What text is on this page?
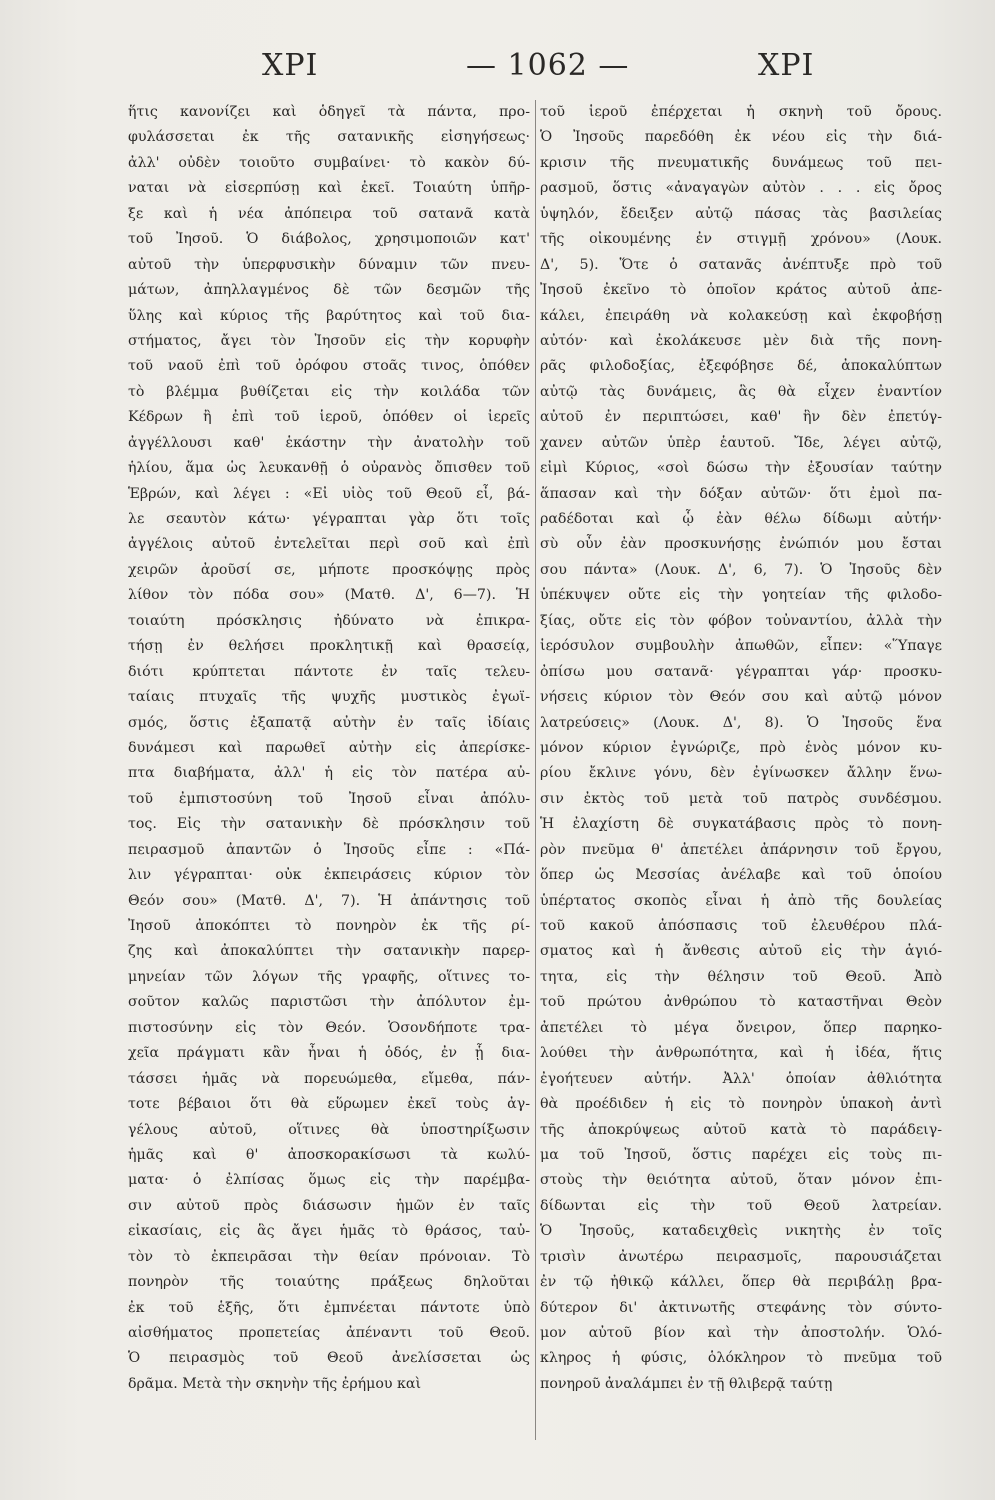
ΧΡΙ	— 1062 —	ΧΡΙ
ἥτις κανονίζει καὶ ὁδηγεῖ τὰ πάντα, προ-
φυλάσσεται ἐκ τῆς σατανικῆς εἰσηγήσεως·
ἀλλ' οὐδὲν τοιοῦτο συμβαίνει· τὸ κακὸν δύ-
ναται νὰ εἰσερπύσῃ καὶ ἐκεῖ. Τοιαύτη ὑπῆρ-
ξε καὶ ἡ νέα ἀπόπειρα τοῦ σατανᾶ κατὰ
τοῦ Ἰησοῦ. Ὁ διάβολος, χρησιμοποιῶν κατ'
αὐτοῦ τὴν ὑπερφυσικὴν δύναμιν τῶν πνευ-
μάτων, ἀπηλλαγμένος δὲ τῶν δεσμῶν τῆς
ὕλης καὶ κύριος τῆς βαρύτητος καὶ τοῦ δια-
στήματος, ἄγει τὸν Ἰησοῦν εἰς τὴν κορυφὴν
τοῦ ναοῦ ἐπὶ τοῦ ὀρόφου στοᾶς τινος, ὁπόθεν
τὸ βλέμμα βυθίζεται εἰς τὴν κοιλάδα τῶν
Κέδρων ἢ ἐπὶ τοῦ ἱεροῦ, ὁπόθεν οἱ ἱερεῖς
ἀγγέλλουσι καθ' ἑκάστην τὴν ἀνατολὴν τοῦ
ἡλίου, ἅμα ὡς λευκανθῇ ὁ οὐρανὸς ὄπισθεν τοῦ
Ἑβρών, καὶ λέγει : «Εἰ υἱὸς τοῦ Θεοῦ εἶ, βά-
λε σεαυτὸν κάτω· γέγραπται γὰρ ὅτι τοῖς
ἀγγέλοις αὐτοῦ ἐντελεῖται περὶ σοῦ καὶ ἐπὶ
χειρῶν ἀροῦσί σε, μήποτε προσκόψῃς πρὸς
λίθον τὸν πόδα σου» (Ματθ. Δ', 6—7). Ἡ
τοιαύτη πρόσκλησις ἠδύνατο νὰ ἐπικρα-
τήσῃ ἐν θελήσει προκλητικῇ καὶ θρασείᾳ,
διότι κρύπτεται πάντοτε ἐν ταῖς τελευ-
ταίαις πτυχαῖς τῆς ψυχῆς μυστικὸς ἐγωϊ-
σμός, ὅστις ἐξαπατᾷ αὐτὴν ἐν ταῖς ἰδίαις
δυνάμεσι καὶ παρωθεῖ αὐτὴν εἰς ἀπερίσκε-
πτα διαβήματα, ἀλλ' ἡ εἰς τὸν πατέρα αὐ-
τοῦ ἐμπιστοσύνη τοῦ Ἰησοῦ εἶναι ἀπόλυ-
τος. Εἰς τὴν σατανικὴν δὲ πρόσκλησιν τοῦ
πειρασμοῦ ἀπαντῶν ὁ Ἰησοῦς εἶπε : «Πά-
λιν γέγραπται· οὐκ ἐκπειράσεις κύριον τὸν
Θεόν σου» (Ματθ. Δ', 7). Ἡ ἀπάντησις τοῦ
Ἰησοῦ ἀποκόπτει τὸ πονηρὸν ἐκ τῆς ρί-
ζης καὶ ἀποκαλύπτει τὴν σατανικὴν παρερ-
μηνείαν τῶν λόγων τῆς γραφῆς, οἵτινες το-
σοῦτον καλῶς παριστῶσι τὴν ἀπόλυτον ἐμ-
πιστοσύνην εἰς τὸν Θεόν. Ὁσονδήποτε τρα-
χεῖα πράγματι κἂν ἦναι ἡ ὁδός, ἐν ᾗ δια-
τάσσει ἡμᾶς νὰ πορευώμεθα, εἴμεθα, πάν-
τοτε βέβαιοι ὅτι θὰ εὕρωμεν ἐκεῖ τοὺς ἀγ-
γέλους αὐτοῦ, οἵτινες θὰ ὑποστηρίξωσιν
ἡμᾶς καὶ θ' ἀποσκορακίσωσι τὰ κωλύ-
ματα· ὁ ἐλπίσας ὅμως εἰς τὴν παρέμβα-
σιν αὐτοῦ πρὸς διάσωσιν ἡμῶν ἐν ταῖς
εἰκασίαις, εἰς ἃς ἄγει ἡμᾶς τὸ θράσος, ταὐ-
τὸν τὸ ἐκπειρᾶσαι τὴν θείαν πρόνοιαν. Τὸ
πονηρὸν τῆς τοιαύτης πράξεως δηλοῦται
ἐκ τοῦ ἑξῆς, ὅτι ἐμπνέεται πάντοτε ὑπὸ
αἰσθήματος προπετείας ἀπέναντι τοῦ Θεοῦ.
Ὁ πειρασμὸς τοῦ Θεοῦ ἀνελίσσεται ὡς
δρᾶμα. Μετὰ τὴν σκηνὴν τῆς ἐρήμου καὶ
τοῦ ἱεροῦ ἐπέρχεται ἡ σκηνὴ τοῦ ὄρους.
Ὁ Ἰησοῦς παρεδόθη ἐκ νέου εἰς τὴν διά-
κρισιν τῆς πνευματικῆς δυνάμεως τοῦ πει-
ρασμοῦ, ὅστις «ἀναγαγὼν αὐτὸν . . . εἰς ὄρος
ὑψηλόν, ἔδειξεν αὐτῷ πάσας τὰς βασιλείας
τῆς οἰκουμένης ἐν στιγμῇ χρόνου» (Λουκ.
Δ', 5). Ὅτε ὁ σατανᾶς ἀνέπτυξε πρὸ τοῦ
Ἰησοῦ ἐκεῖνο τὸ ὁποῖον κράτος αὐτοῦ ἀπε-
κάλει, ἐπειράθη νὰ κολακεύσῃ καὶ ἐκφοβήσῃ
αὐτόν· καὶ ἐκολάκευσε μὲν διὰ τῆς πονη-
ρᾶς φιλοδοξίας, ἐξεφόβησε δέ, ἀποκαλύπτων
αὐτῷ τὰς δυνάμεις, ἃς θὰ εἶχεν ἐναντίον
αὐτοῦ ἐν περιπτώσει, καθ' ἣν δὲν ἐπετύγ-
χανεν αὐτῶν ὑπὲρ ἑαυτοῦ. Ἴδε, λέγει αὐτῷ,
εἰμὶ Κύριος, «σοὶ δώσω τὴν ἐξουσίαν ταύτην
ἅπασαν καὶ τὴν δόξαν αὐτῶν· ὅτι ἐμοὶ πα-
ραδέδοται καὶ ᾧ ἐὰν θέλω δίδωμι αὐτήν·
σὺ οὖν ἐὰν προσκυνήσῃς ἐνώπιόν μου ἔσται
σου πάντα» (Λουκ. Δ', 6, 7). Ὁ Ἰησοῦς δὲν
ὑπέκυψεν οὔτε εἰς τὴν γοητείαν τῆς φιλοδο-
ξίας, οὔτε εἰς τὸν φόβον τοὐναντίου, ἀλλὰ τὴν
ἱερόσυλον συμβουλὴν ἀπωθῶν, εἶπεν: «Ὕπαγε
ὀπίσω μου σατανᾶ· γέγραπται γάρ· προσκυ-
νήσεις κύριον τὸν Θεόν σου καὶ αὐτῷ μόνον
λατρεύσεις» (Λουκ. Δ', 8). Ὁ Ἰησοῦς ἕνα
μόνον κύριον ἐγνώριζε, πρὸ ἑνὸς μόνον κυ-
ρίου ἔκλινε γόνυ, δὲν ἐγίνωσκεν ἄλλην ἕνω-
σιν ἐκτὸς τοῦ μετὰ τοῦ πατρὸς συνδέσμου.
Ἡ ἐλαχίστη δὲ συγκατάβασις πρὸς τὸ πονη-
ρὸν πνεῦμα θ' ἀπετέλει ἀπάρνησιν τοῦ ἔργου,
ὅπερ ὡς Μεσσίας ἀνέλαβε καὶ τοῦ ὁποίου
ὑπέρτατος σκοπὸς εἶναι ἡ ἀπὸ τῆς δουλείας
τοῦ κακοῦ ἀπόσπασις τοῦ ἐλευθέρου πλά-
σματος καὶ ἡ ἄνθεσις αὐτοῦ εἰς τὴν ἁγιό-
τητα, εἰς τὴν θέλησιν τοῦ Θεοῦ. Ἀπὸ
τοῦ πρώτου ἀνθρώπου τὸ καταστῆναι Θεὸν
ἀπετέλει τὸ μέγα ὄνειρον, ὅπερ παρηκο-
λούθει τὴν ἀνθρωπότητα, καὶ ἡ ἰδέα, ἥτις
ἐγοήτευεν αὐτήν. Ἀλλ' ὁποίαν ἀθλιότητα
θὰ προέδιδεν ἡ εἰς τὸ πονηρὸν ὑπακοὴ ἀντὶ
τῆς ἀποκρύψεως αὐτοῦ κατὰ τὸ παράδειγ-
μα τοῦ Ἰησοῦ, ὅστις παρέχει εἰς τοὺς πι-
στοὺς τὴν θειότητα αὐτοῦ, ὅταν μόνον ἐπι-
δίδωνται εἰς τὴν τοῦ Θεοῦ λατρείαν.
Ὁ Ἰησοῦς, καταδειχθεὶς νικητὴς ἐν τοῖς
τρισὶν ἀνωτέρω πειρασμοῖς, παρουσιάζεται
ἐν τῷ ἠθικῷ κάλλει, ὅπερ θὰ περιβάλῃ βρα-
δύτερον δι' ἀκτινωτῆς στεφάνης τὸν σύντο-
μον αὐτοῦ βίον καὶ τὴν ἀποστολήν. Ὁλό-
κληρος ἡ φύσις, ὁλόκληρον τὸ πνεῦμα τοῦ
πονηροῦ ἀναλάμπει ἐν τῇ θλιβερᾷ ταύτῃ
